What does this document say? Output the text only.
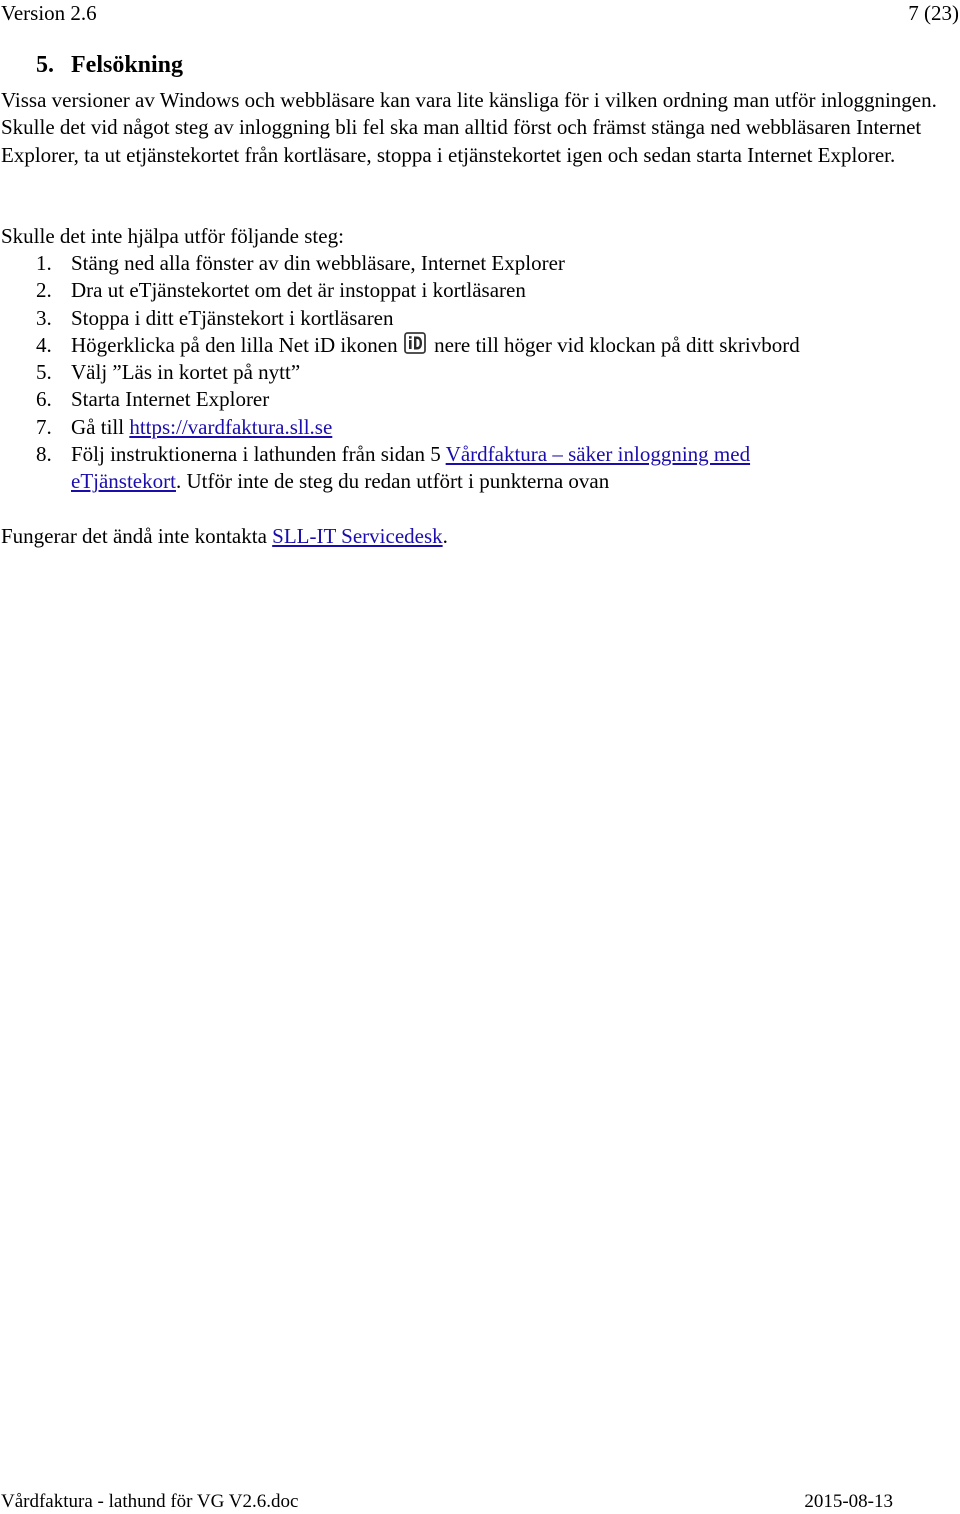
Version 2.6	7 (23)
5. Felsökning

Vissa versioner av Windows och webbläsare kan vara lite känsliga för i vilken ordning man utför inloggningen. Skulle det vid något steg av inloggning bli fel ska man alltid först och främst stänga ned webbläsaren Internet Explorer, ta ut etjänstekortet från kortläsare, stoppa i etjänstekortet igen och sedan starta Internet Explorer.

Skulle det inte hjälpa utför följande steg:

1. Stäng ned alla fönster av din webbläsare, Internet Explorer
2. Dra ut eTjänstekortet om det är instoppat i kortläsaren
3. Stoppa i ditt eTjänstekort i kortläsaren
4. Högerklicka på den lilla Net iD ikonen nere till höger vid klockan på ditt skrivbord
5. Välj ”Läs in kortet på nytt”
6. Starta Internet Explorer
7. Gå till https://vardfaktura.sll.se
8. Följ instruktionerna i lathunden från sidan 5 Vårdfaktura – säker inloggning med eTjänstekort. Utför inte de steg du redan utfört i punkterna ovan

Fungerar det ändå inte kontakta SLL-IT Servicedesk.

Vårdfaktura - lathund för VG V2.6.doc	2015-08-13
